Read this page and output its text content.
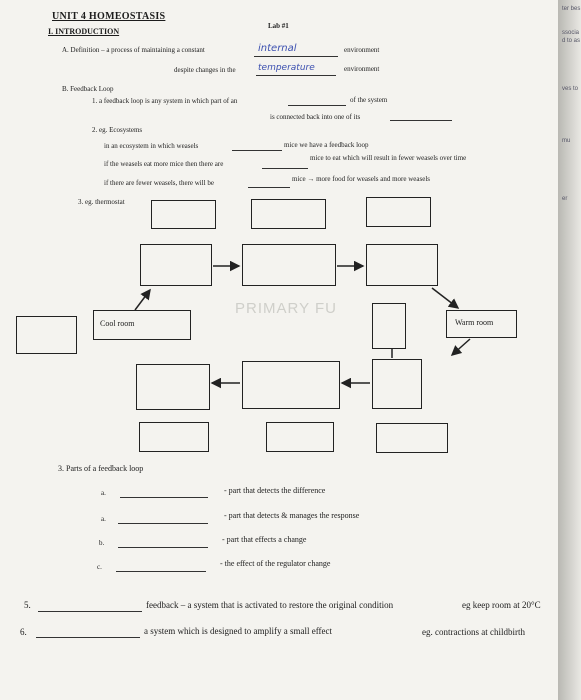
UNIT 4 HOMEOSTASIS
Lab #1
I. INTRODUCTION
A. Definition – a process of maintaining a constant	internal	environment
despite changes in the temperature	environment
B. Feedback Loop
1. a feedback loop is any system in which part of an	of the system
is connected back into one of its
2. eg. Ecosystems
in an ecosystem in which weasels	mice we have a feedback loop
if the weasels eat more mice then there are
mice to eat which will result in fewer weasels over time
if there are fewer weasels, there will be	mice → more food for weasels and more weasels
3. eg. thermostat
PRIMARY FU
Cool room	Warm room
3. Parts of a feedback loop
a.	- part that detects the difference
a.	- part that detects & manages the response
b.	- part that effects a change
c.	- the effect of the regulator change
5.	feedback – a system that is activated to restore the original condition	eg keep room at 20°C
6.	a system which is designed to amplify a small effect	eg. contractions at childbirth
ter bes
ssocia
d to as
ves to
mu
er
